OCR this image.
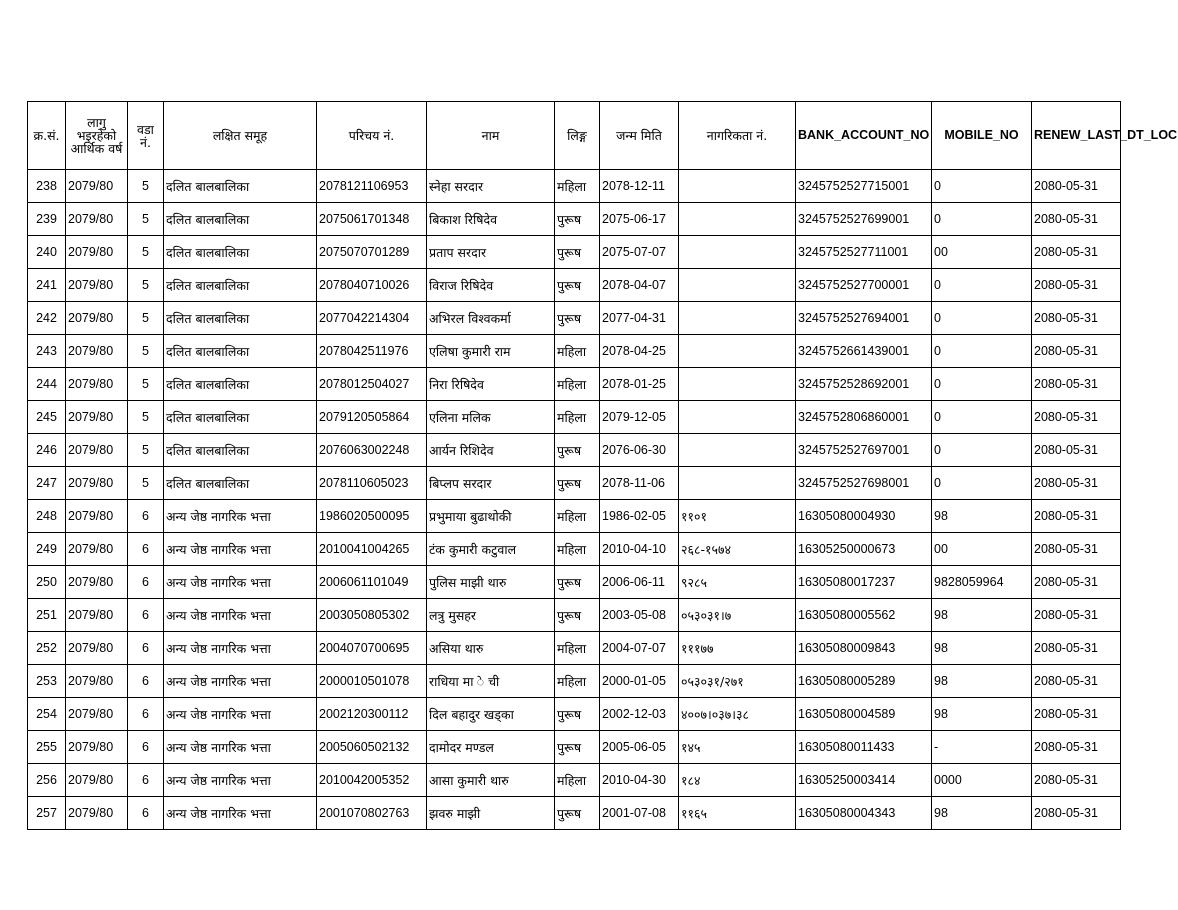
क्र.सं.	लागु भइरहेको आर्थिक वर्ष	वडा नं.	लक्षित समूह	परिचय नं.	नाम	लिङ्ग	जन्म मिति	नागरिकता नं.	BANK_ACCOUNT_NO	MOBILE_NO	RENEW_LAST_DT_LOC
238	2079/80	5	दलित बालबालिका	2078121106953	स्नेहा सरदार	महिला	2078-12-11		3245752527715001	0	2080-05-31
239	2079/80	5	दलित बालबालिका	2075061701348	बिकाश रिषिदेव	पुरूष	2075-06-17		3245752527699001	0	2080-05-31
240	2079/80	5	दलित बालबालिका	2075070701289	प्रताप सरदार	पुरूष	2075-07-07		3245752527711001	00	2080-05-31
241	2079/80	5	दलित बालबालिका	2078040710026	विराज रिषिदेव	पुरूष	2078-04-07		3245752527700001	0	2080-05-31
242	2079/80	5	दलित बालबालिका	2077042214304	अभिरल विश्वकर्मा	पुरूष	2077-04-31		3245752527694001	0	2080-05-31
243	2079/80	5	दलित बालबालिका	2078042511976	एलिषा कुमारी राम	महिला	2078-04-25		3245752661439001	0	2080-05-31
244	2079/80	5	दलित बालबालिका	2078012504027	निरा रिषिदेव	महिला	2078-01-25		3245752528692001	0	2080-05-31
245	2079/80	5	दलित बालबालिका	2079120505864	एलिना मलिक	महिला	2079-12-05		3245752806860001	0	2080-05-31
246	2079/80	5	दलित बालबालिका	2076063002248	आर्यन रिशिदेव	पुरूष	2076-06-30		3245752527697001	0	2080-05-31
247	2079/80	5	दलित बालबालिका	2078110605023	बिप्लप सरदार	पुरूष	2078-11-06		3245752527698001	0	2080-05-31
248	2079/80	6	अन्य जेष्ठ नागरिक भत्ता	1986020500095	प्रभुमाया बुढाथोकी	महिला	1986-02-05	११०१	16305080004930	98	2080-05-31
249	2079/80	6	अन्य जेष्ठ नागरिक भत्ता	2010041004265	टंक कुमारी कटुवाल	महिला	2010-04-10	२६८-१५७४	16305250000673	00	2080-05-31
250	2079/80	6	अन्य जेष्ठ नागरिक भत्ता	2006061101049	पुलिस माझी थारु	पुरूष	2006-06-11	९२८५	16305080017237	9828059964	2080-05-31
251	2079/80	6	अन्य जेष्ठ नागरिक भत्ता	2003050805302	लत्रु मुसहर	पुरूष	2003-05-08	०५३०३१।७	16305080005562	98	2080-05-31
252	2079/80	6	अन्य जेष्ठ नागरिक भत्ता	2004070700695	असिया थारु	महिला	2004-07-07	१११७७	16305080009843	98	2080-05-31
253	2079/80	6	अन्य जेष्ठ नागरिक भत्ता	2000010501078	राधिया मा े ची	महिला	2000-01-05	०५३०३१/२७१	16305080005289	98	2080-05-31
254	2079/80	6	अन्य जेष्ठ नागरिक भत्ता	2002120300112	दिल बहादुर खड्का	पुरूष	2002-12-03	४००७।०३७।३८	16305080004589	98	2080-05-31
255	2079/80	6	अन्य जेष्ठ नागरिक भत्ता	2005060502132	दामोदर मण्डल	पुरूष	2005-06-05	१४५	16305080011433	-	2080-05-31
256	2079/80	6	अन्य जेष्ठ नागरिक भत्ता	2010042005352	आसा कुमारी थारु	महिला	2010-04-30	१८४	16305250003414	0000	2080-05-31
257	2079/80	6	अन्य जेष्ठ नागरिक भत्ता	2001070802763	झवरु माझी	पुरूष	2001-07-08	११६५	16305080004343	98	2080-05-31
